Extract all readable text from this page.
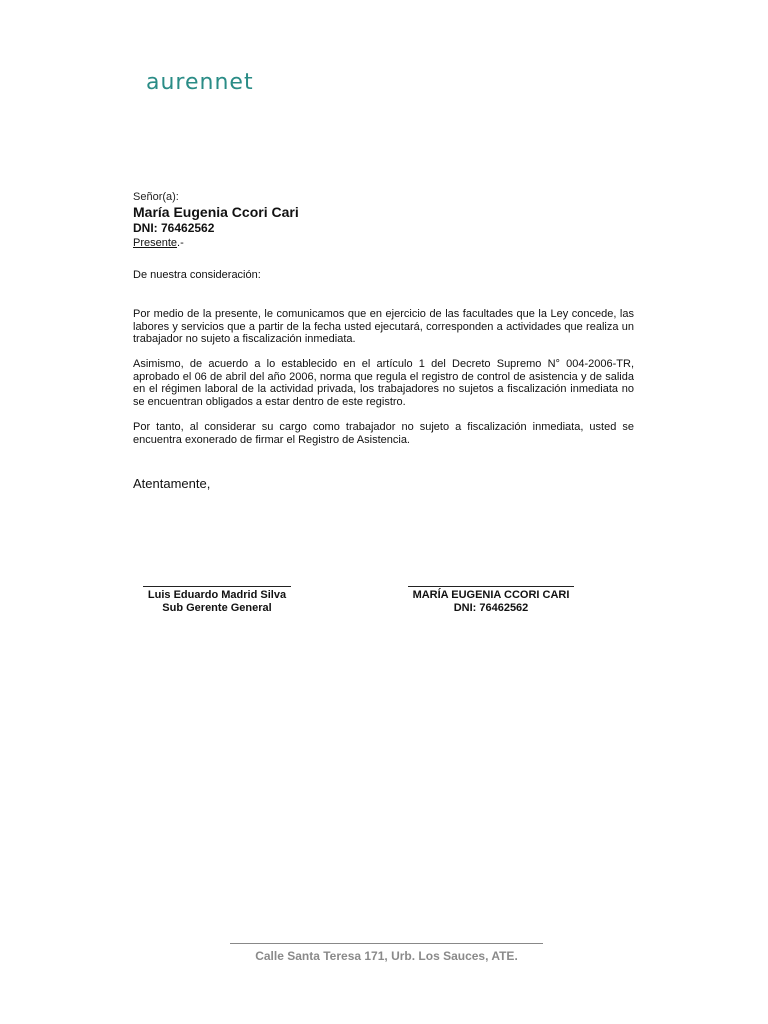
aurennet
Señor(a):
María Eugenia Ccori Cari
DNI: 76462562
Presente.-
De nuestra consideración:
Por medio de la presente, le comunicamos que en ejercicio de las facultades que la Ley concede, las labores y servicios que a partir de la fecha usted ejecutará, corresponden a actividades que realiza un trabajador no sujeto a fiscalización inmediata.
Asimismo, de acuerdo a lo establecido en el artículo 1 del Decreto Supremo N° 004-2006-TR, aprobado el 06 de abril del año 2006, norma que regula el registro de control de asistencia y de salida en el régimen laboral de la actividad privada, los trabajadores no sujetos a fiscalización inmediata no se encuentran obligados a estar dentro de este registro.
Por tanto, al considerar su cargo como trabajador no sujeto a fiscalización inmediata, usted se encuentra exonerado de firmar el Registro de Asistencia.
Atentamente,
Luis Eduardo Madrid Silva
Sub Gerente General
MARÍA EUGENIA CCORI CARI
DNI: 76462562
Calle Santa Teresa 171, Urb. Los Sauces, ATE.
